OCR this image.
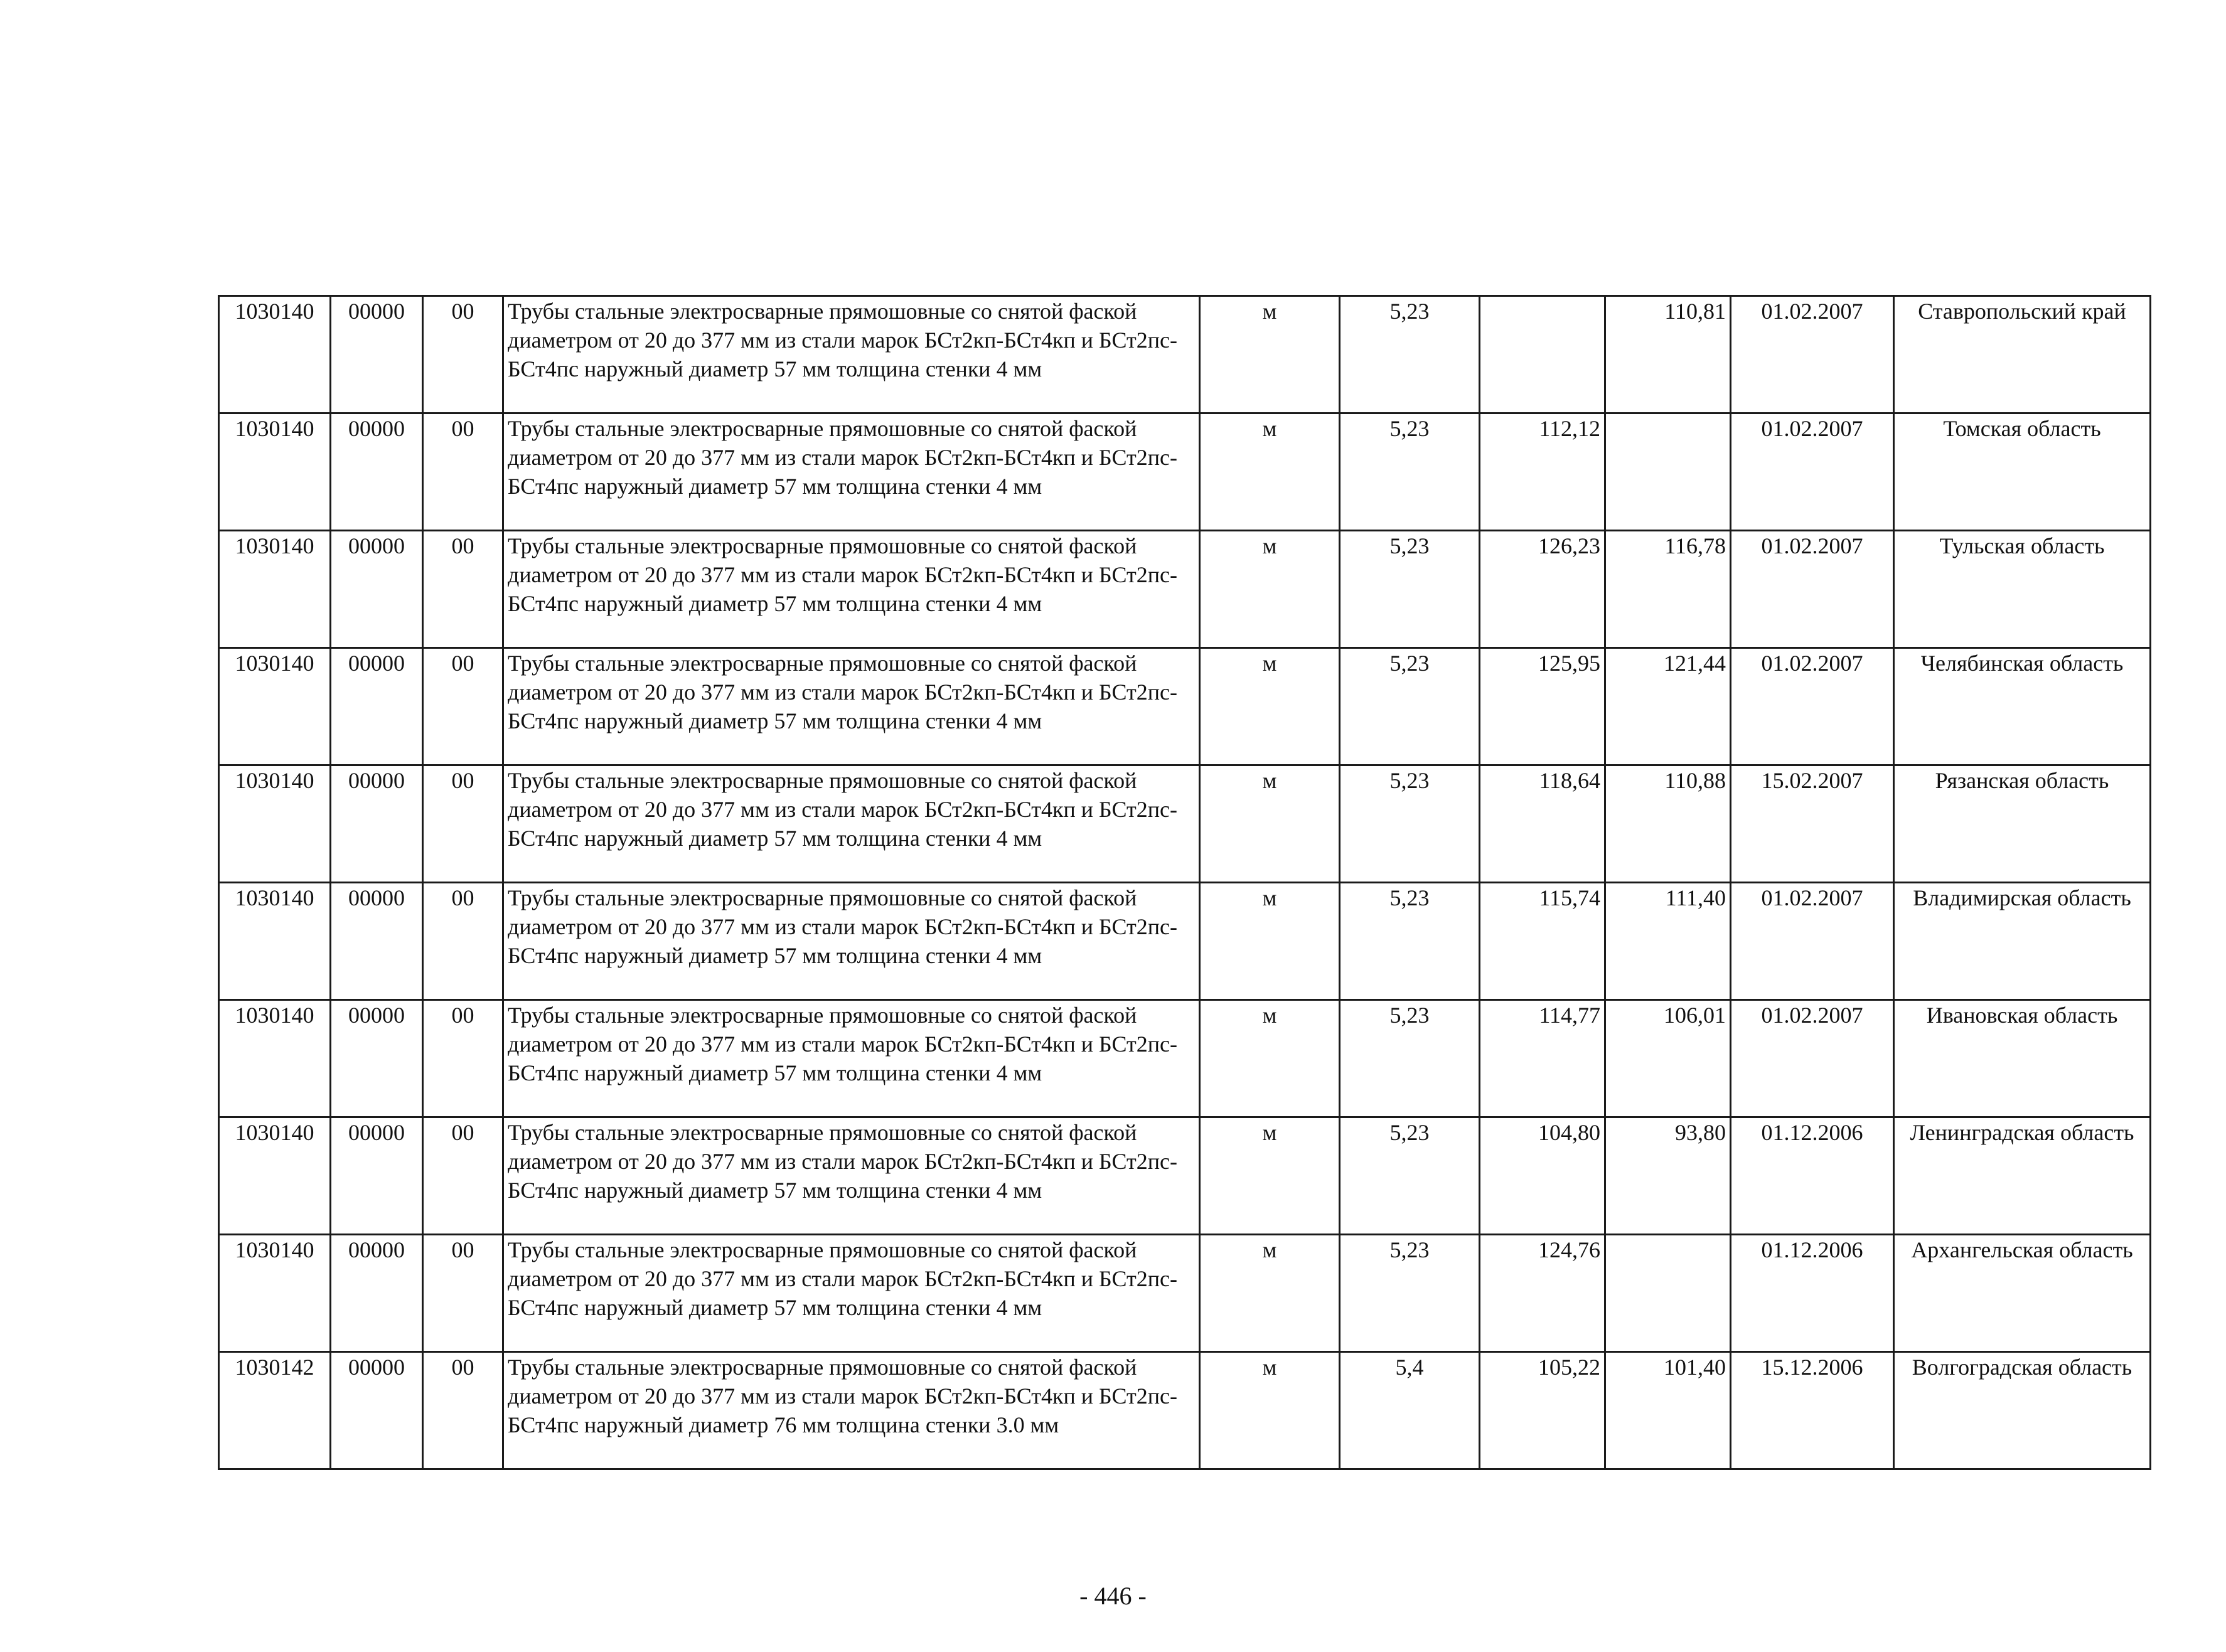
1030140	00000	00	Трубы стальные электросварные прямошовные со снятой фаской диаметром от 20 до 377 мм из стали марок БСт2кп-БСт4кп и БСт2пс-БСт4пс наружный диаметр 57 мм толщина стенки 4 мм	м	5,23		110,81	01.02.2007	Ставропольский край
1030140	00000	00	Трубы стальные электросварные прямошовные со снятой фаской диаметром от 20 до 377 мм из стали марок БСт2кп-БСт4кп и БСт2пс-БСт4пс наружный диаметр 57 мм толщина стенки 4 мм	м	5,23	112,12		01.02.2007	Томская область
1030140	00000	00	Трубы стальные электросварные прямошовные со снятой фаской диаметром от 20 до 377 мм из стали марок БСт2кп-БСт4кп и БСт2пс-БСт4пс наружный диаметр 57 мм толщина стенки 4 мм	м	5,23	126,23	116,78	01.02.2007	Тульская область
1030140	00000	00	Трубы стальные электросварные прямошовные со снятой фаской диаметром от 20 до 377 мм из стали марок БСт2кп-БСт4кп и БСт2пс-БСт4пс наружный диаметр 57 мм толщина стенки 4 мм	м	5,23	125,95	121,44	01.02.2007	Челябинская область
1030140	00000	00	Трубы стальные электросварные прямошовные со снятой фаской диаметром от 20 до 377 мм из стали марок БСт2кп-БСт4кп и БСт2пс-БСт4пс наружный диаметр 57 мм толщина стенки 4 мм	м	5,23	118,64	110,88	15.02.2007	Рязанская область
1030140	00000	00	Трубы стальные электросварные прямошовные со снятой фаской диаметром от 20 до 377 мм из стали марок БСт2кп-БСт4кп и БСт2пс-БСт4пс наружный диаметр 57 мм толщина стенки 4 мм	м	5,23	115,74	111,40	01.02.2007	Владимирская область
1030140	00000	00	Трубы стальные электросварные прямошовные со снятой фаской диаметром от 20 до 377 мм из стали марок БСт2кп-БСт4кп и БСт2пс-БСт4пс наружный диаметр 57 мм толщина стенки 4 мм	м	5,23	114,77	106,01	01.02.2007	Ивановская область
1030140	00000	00	Трубы стальные электросварные прямошовные со снятой фаской диаметром от 20 до 377 мм из стали марок БСт2кп-БСт4кп и БСт2пс-БСт4пс наружный диаметр 57 мм толщина стенки 4 мм	м	5,23	104,80	93,80	01.12.2006	Ленинградская область
1030140	00000	00	Трубы стальные электросварные прямошовные со снятой фаской диаметром от 20 до 377 мм из стали марок БСт2кп-БСт4кп и БСт2пс-БСт4пс наружный диаметр 57 мм толщина стенки 4 мм	м	5,23	124,76		01.12.2006	Архангельская область
1030142	00000	00	Трубы стальные электросварные прямошовные со снятой фаской диаметром от 20 до 377 мм из стали марок БСт2кп-БСт4кп и БСт2пс-БСт4пс наружный диаметр 76 мм толщина стенки 3.0 мм	м	5,4	105,22	101,40	15.12.2006	Волгоградская область
- 446 -
